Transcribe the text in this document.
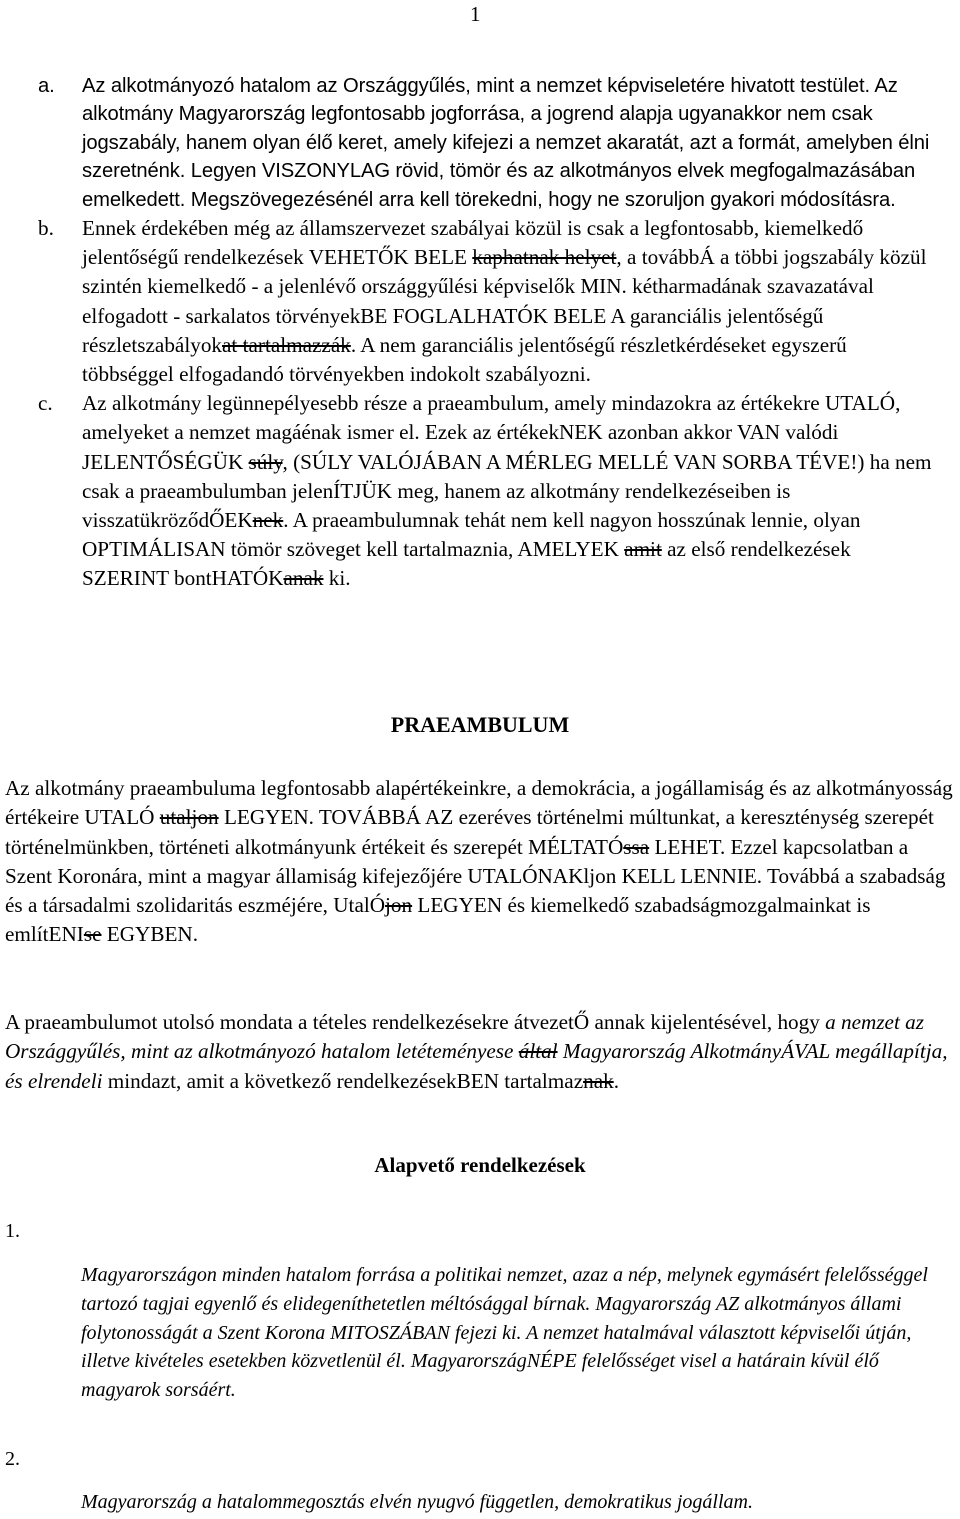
1
a. Az alkotmányozó hatalom az Országgyűlés, mint a nemzet képviseletére hivatott testület. Az alkotmány Magyarország legfontosabb jogforrása, a jogrend alapja ugyanakkor nem csak jogszabály, hanem olyan élő keret, amely kifejezi a nemzet akaratát, azt a formát, amelyben élni szeretnénk. Legyen VISZONYLAG rövid, tömör és az alkotmányos elvek megfogalmazásában emelkedett. Megszövegezésénél arra kell törekedni, hogy ne szoruljon gyakori módosításra.
b. Ennek érdekében még az államszervezet szabályai közül is csak a legfontosabb, kiemelkedő jelentőségű rendelkezések VEHETŐK BELE kaphatnak helyet, a továbbÁ a többi jogszabály közül szintén kiemelkedő - a jelenlévő országgyűlési képviselők MIN. kétharmadának szavazatával elfogadott - sarkalatos törvényekBE FOGLALHATÓK BELE A garanciális jelentőségű részletszabályokat tartalmazzák. A nem garanciális jelentőségű részletkérdéseket egyszerű többséggel elfogadandó törvényekben indokolt szabályozni.
c. Az alkotmány legünnepélyesebb része a praeambulum, amely mindazokra az értékekre UTALÓ, amelyeket a nemzet magáénak ismer el. Ezek az értékekNEK azonban akkor VAN valódi JELENTŐSÉGÜK súly, (SÚLY VALÓJÁBAN A MÉRLEG MELLÉ VAN SORBA TÉVE!) ha nem csak a praeambulumban jelenÍTJÜK meg, hanem az alkotmány rendelkezéseiben is visszatükröződŐEKnek. A praeambulumnak tehát nem kell nagyon hosszúnak lennie, olyan OPTIMÁLISAN tömör szöveget kell tartalmaznia, AMELYEK amit az első rendelkezések SZERINT bontHATÓKanak ki.
PRAEAMBULUM
Az alkotmány praeambuluma legfontosabb alapértékeinkre, a demokrácia, a jogállamiság és az alkotmányosság értékeire UTALÓ utaljon LEGYEN. TOVÁBBÁ AZ ezeréves történelmi múltunkat, a kereszténység szerepét történelmünkben, történeti alkotmányunk értékeit és szerepét MÉLTATÓssa LEHET. Ezzel kapcsolatban a Szent Koronára, mint a magyar államiság kifejezőjére UTALÓNAKljon KELL LENNIE. Továbbá a szabadság és a társadalmi szolidaritás eszméjére, UtalÓjon LEGYEN és kiemelkedő szabadságmozgalmainkat is említENIse EGYBEN.
A praeambulumot utolsó mondata a tételes rendelkezésekre átvezetŐ annak kijelentésével, hogy a nemzet az Országgyűlés, mint az alkotmányozó hatalom letéteményese által Magyarország AlkotmányÁVAL megállapítja, és elrendeli mindazt, amit a következő rendelkezésekBEN tartalmaznak.
Alapvető rendelkezések
1.
Magyarországon minden hatalom forrása a politikai nemzet, azaz a nép, melynek egymásért felelősséggel tartozó tagjai egyenlő és elidegeníthetetlen méltósággal bírnak. Magyarország AZ alkotmányos állami folytonosságát a Szent Korona MITOSZÁBAN fejezi ki. A nemzet hatalmával választott képviselői útján, illetve kivételes esetekben közvetlenül él. MagyarországNÉPE felelősséget visel a határain kívül élő magyarok sorsáért.
2.
Magyarország a hatalommegosztás elvén nyugvó független, demokratikus jogállam.
